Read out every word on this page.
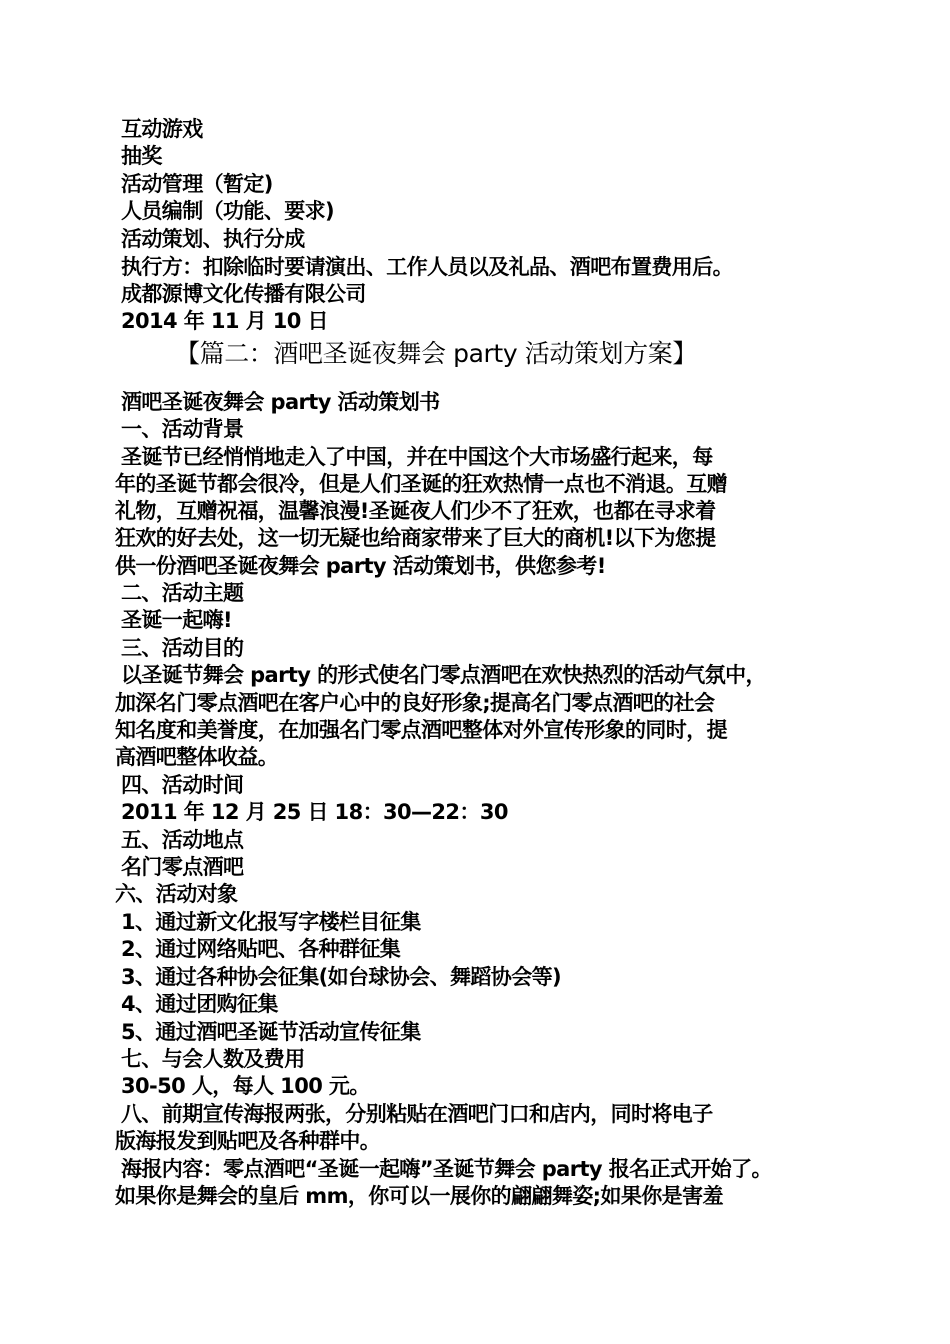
互动游戏
抽奖
活动管理（暂定)
人员编制（功能、要求)
活动策划、执行分成
执行方：扣除临时要请演出、工作人员以及礼品、酒吧布置费用后。
成都源博文化传播有限公司
2014 年 11 月 10 日
【篇二：酒吧圣诞夜舞会 party 活动策划方案】
酒吧圣诞夜舞会 party 活动策划书
一、活动背景
圣诞节已经悄悄地走入了中国，并在中国这个大市场盛行起来，每
年的圣诞节都会很冷，但是人们圣诞的狂欢热情一点也不消退。互赠
礼物，互赠祝福，温馨浪漫!圣诞夜人们少不了狂欢，也都在寻求着
狂欢的好去处，这一切无疑也给商家带来了巨大的商机!以下为您提
供一份酒吧圣诞夜舞会 party 活动策划书，供您参考!
二、活动主题
圣诞一起嗨!
三、活动目的
以圣诞节舞会 party 的形式使名门零点酒吧在欢快热烈的活动气氛中，
加深名门零点酒吧在客户心中的良好形象;提高名门零点酒吧的社会
知名度和美誉度，在加强名门零点酒吧整体对外宣传形象的同时，提
高酒吧整体收益。
四、活动时间
2011 年 12 月 25 日 18：30—22：30
五、活动地点
名门零点酒吧
六、活动对象
1、通过新文化报写字楼栏目征集
2、通过网络贴吧、各种群征集
3、通过各种协会征集(如台球协会、舞蹈协会等)
4、通过团购征集
5、通过酒吧圣诞节活动宣传征集
七、与会人数及费用
30-50 人，每人 100 元。
八、前期宣传海报两张，分别粘贴在酒吧门口和店内，同时将电子
版海报发到贴吧及各种群中。
海报内容：零点酒吧“圣诞一起嗨”圣诞节舞会 party 报名正式开始了。
如果你是舞会的皇后 mm，你可以一展你的翩翩舞姿;如果你是害羞
